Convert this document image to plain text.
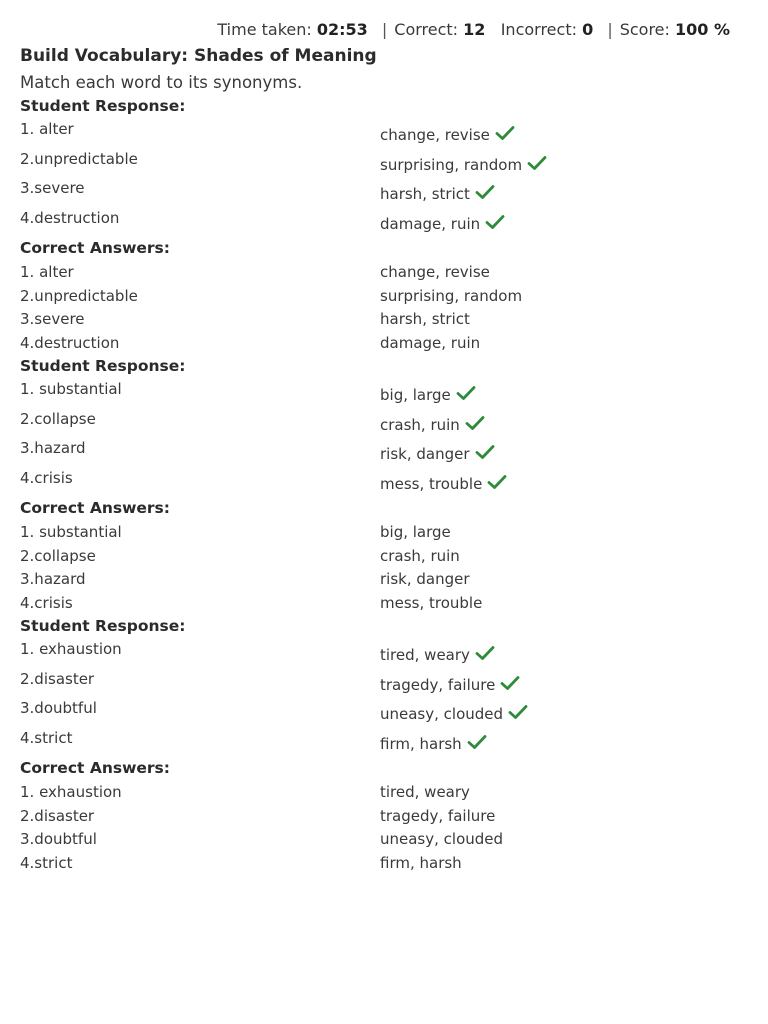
Time taken: 02:53 | Correct: 12 Incorrect: 0 | Score: 100 %
Build Vocabulary: Shades of Meaning
Match each word to its synonyms.
Student Response:
1. alter	change, revise
2.unpredictable	surprising, random
3.severe	harsh, strict
4.destruction	damage, ruin
Correct Answers:
1. alter	change, revise
2.unpredictable	surprising, random
3.severe	harsh, strict
4.destruction	damage, ruin
Student Response:
1. substantial	big, large
2.collapse	crash, ruin
3.hazard	risk, danger
4.crisis	mess, trouble
Correct Answers:
1. substantial	big, large
2.collapse	crash, ruin
3.hazard	risk, danger
4.crisis	mess, trouble
Student Response:
1. exhaustion	tired, weary
2.disaster	tragedy, failure
3.doubtful	uneasy, clouded
4.strict	firm, harsh
Correct Answers:
1. exhaustion	tired, weary
2.disaster	tragedy, failure
3.doubtful	uneasy, clouded
4.strict	firm, harsh
